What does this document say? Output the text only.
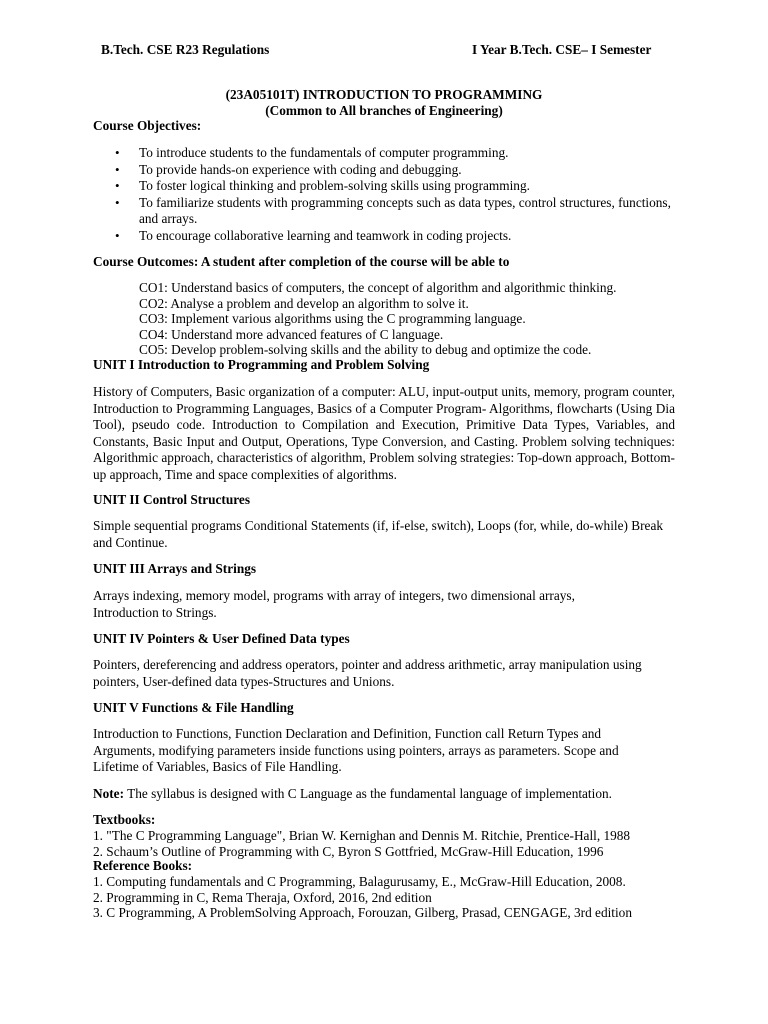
B.Tech. CSE R23 Regulations	I Year B.Tech. CSE– I Semester
(23A05101T) INTRODUCTION TO PROGRAMMING
(Common to All branches of Engineering)
Course Objectives:
• To introduce students to the fundamentals of computer programming.
• To provide hands-on experience with coding and debugging.
• To foster logical thinking and problem-solving skills using programming.
• To familiarize students with programming concepts such as data types, control structures, functions, and arrays.
• To encourage collaborative learning and teamwork in coding projects.
Course Outcomes: A student after completion of the course will be able to
CO1: Understand basics of computers, the concept of algorithm and algorithmic thinking.
CO2: Analyse a problem and develop an algorithm to solve it.
CO3: Implement various algorithms using the C programming language.
CO4: Understand more advanced features of C language.
CO5: Develop problem-solving skills and the ability to debug and optimize the code.
UNIT I Introduction to Programming and Problem Solving
History of Computers, Basic organization of a computer: ALU, input-output units, memory, program counter, Introduction to Programming Languages, Basics of a Computer Program- Algorithms, flowcharts (Using Dia Tool), pseudo code. Introduction to Compilation and Execution, Primitive Data Types, Variables, and Constants, Basic Input and Output, Operations, Type Conversion, and Casting. Problem solving techniques: Algorithmic approach, characteristics of algorithm, Problem solving strategies: Top-down approach, Bottom-up approach, Time and space complexities of algorithms.
UNIT II Control Structures
Simple sequential programs Conditional Statements (if, if-else, switch), Loops (for, while, do-while) Break and Continue.
UNIT III Arrays and Strings
Arrays indexing, memory model, programs with array of integers, two dimensional arrays, Introduction to Strings.
UNIT IV Pointers & User Defined Data types
Pointers, dereferencing and address operators, pointer and address arithmetic, array manipulation using pointers, User-defined data types-Structures and Unions.
UNIT V Functions & File Handling
Introduction to Functions, Function Declaration and Definition, Function call Return Types and Arguments, modifying parameters inside functions using pointers, arrays as parameters. Scope and Lifetime of Variables, Basics of File Handling.
Note: The syllabus is designed with C Language as the fundamental language of implementation.
Textbooks:
1. "The C Programming Language", Brian W. Kernighan and Dennis M. Ritchie, Prentice-Hall, 1988
2. Schaum’s Outline of Programming with C, Byron S Gottfried, McGraw-Hill Education, 1996
Reference Books:
1. Computing fundamentals and C Programming, Balagurusamy, E., McGraw-Hill Education, 2008.
2. Programming in C, Rema Theraja, Oxford, 2016, 2nd edition
3. C Programming, A ProblemSolving Approach, Forouzan, Gilberg, Prasad, CENGAGE, 3rd edition
